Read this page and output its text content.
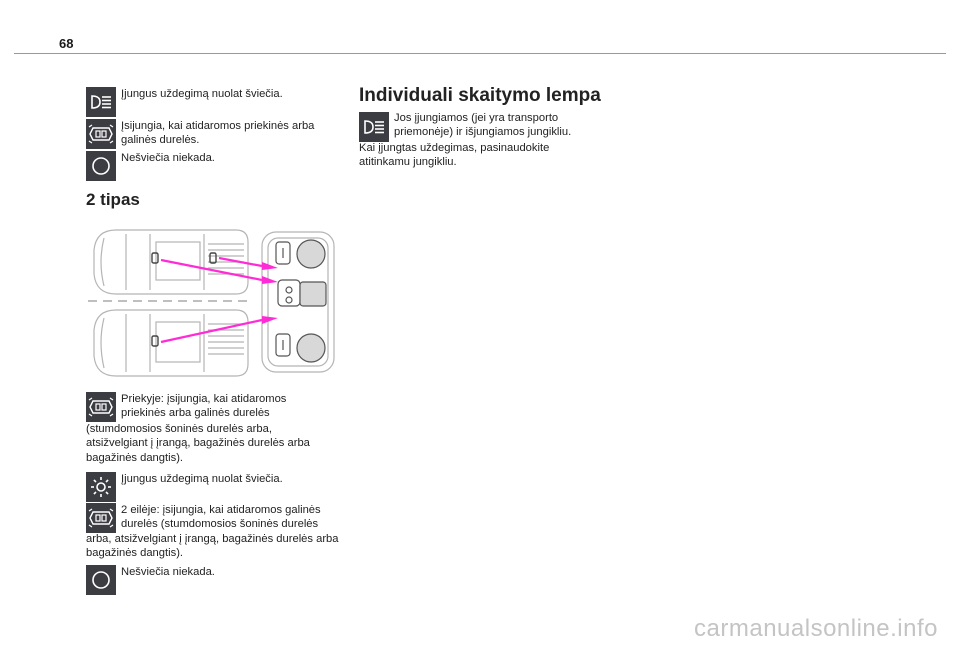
68

Įjungus uždegimą nuolat šviečia.

Įsijungia, kai atidaromos priekinės arba galinės durelės.

Nešviečia niekada.

2 tipas

Priekyje: įsijungia, kai atidaromos priekinės arba galinės durelės

(stumdomosios šoninės durelės arba, atsižvelgiant į įrangą, bagažinės durelės arba bagažinės dangtis).

Įjungus uždegimą nuolat šviečia.

2 eilėje: įsijungia, kai atidaromos galinės durelės (stumdomosios šoninės durelės

arba, atsižvelgiant į įrangą, bagažinės durelės arba bagažinės dangtis).

Nešviečia niekada.

Individuali skaitymo lempa

Jos įjungiamos (jei yra transporto priemonėje) ir išjungiamos jungikliu.

Kai įjungtas uždegimas, pasinaudokite atitinkamu jungikliu.

carmanualsonline.info
